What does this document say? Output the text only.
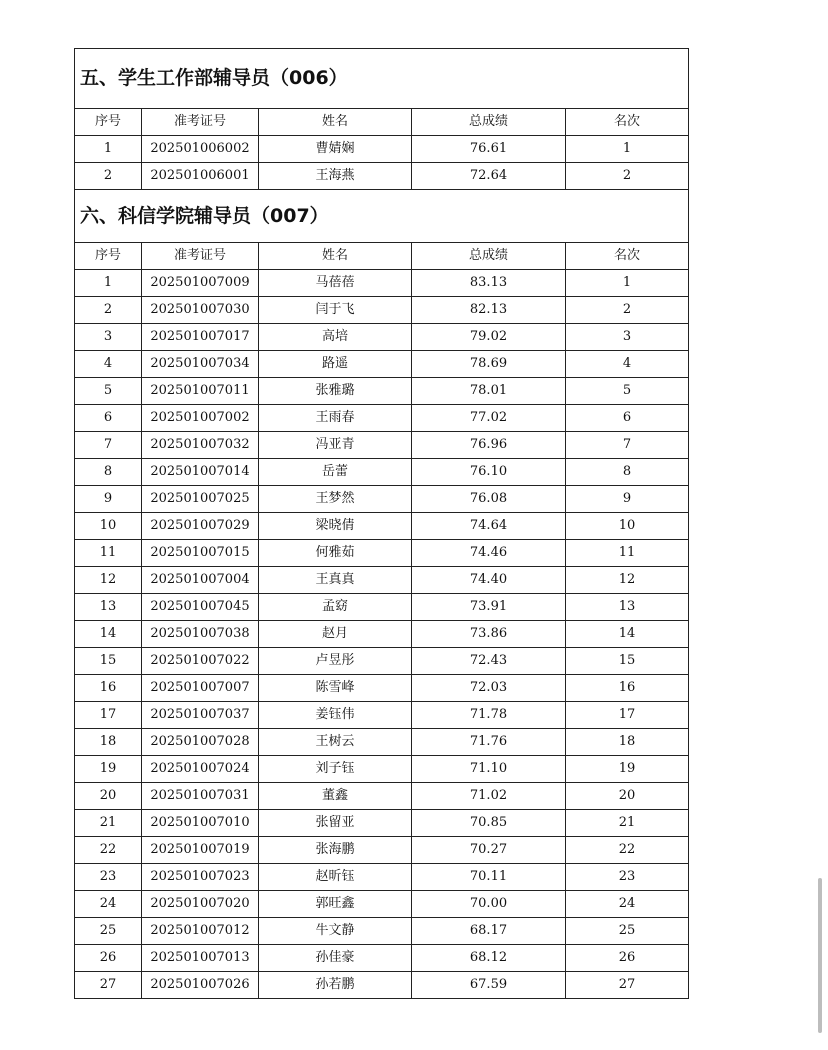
五、学生工作部辅导员（006）				
序号	准考证号	姓名	总成绩	名次
1	202501006002	曹婧娴	76.61	1
2	202501006001	王海燕	72.64	2
六、科信学院辅导员（007）				
序号	准考证号	姓名	总成绩	名次
1	202501007009	马蓓蓓	83.13	1
2	202501007030	闫于飞	82.13	2
3	202501007017	高培	79.02	3
4	202501007034	路遥	78.69	4
5	202501007011	张雅璐	78.01	5
6	202501007002	王雨春	77.02	6
7	202501007032	冯亚青	76.96	7
8	202501007014	岳蕾	76.10	8
9	202501007025	王梦然	76.08	9
10	202501007029	梁晓倩	74.64	10
11	202501007015	何雅茹	74.46	11
12	202501007004	王真真	74.40	12
13	202501007045	孟窈	73.91	13
14	202501007038	赵月	73.86	14
15	202501007022	卢昱彤	72.43	15
16	202501007007	陈雪峰	72.03	16
17	202501007037	姜钰伟	71.78	17
18	202501007028	王树云	71.76	18
19	202501007024	刘子钰	71.10	19
20	202501007031	董鑫	71.02	20
21	202501007010	张留亚	70.85	21
22	202501007019	张海鹏	70.27	22
23	202501007023	赵昕钰	70.11	23
24	202501007020	郭旺鑫	70.00	24
25	202501007012	牛文静	68.17	25
26	202501007013	孙佳豪	68.12	26
27	202501007026	孙若鹏	67.59	27
